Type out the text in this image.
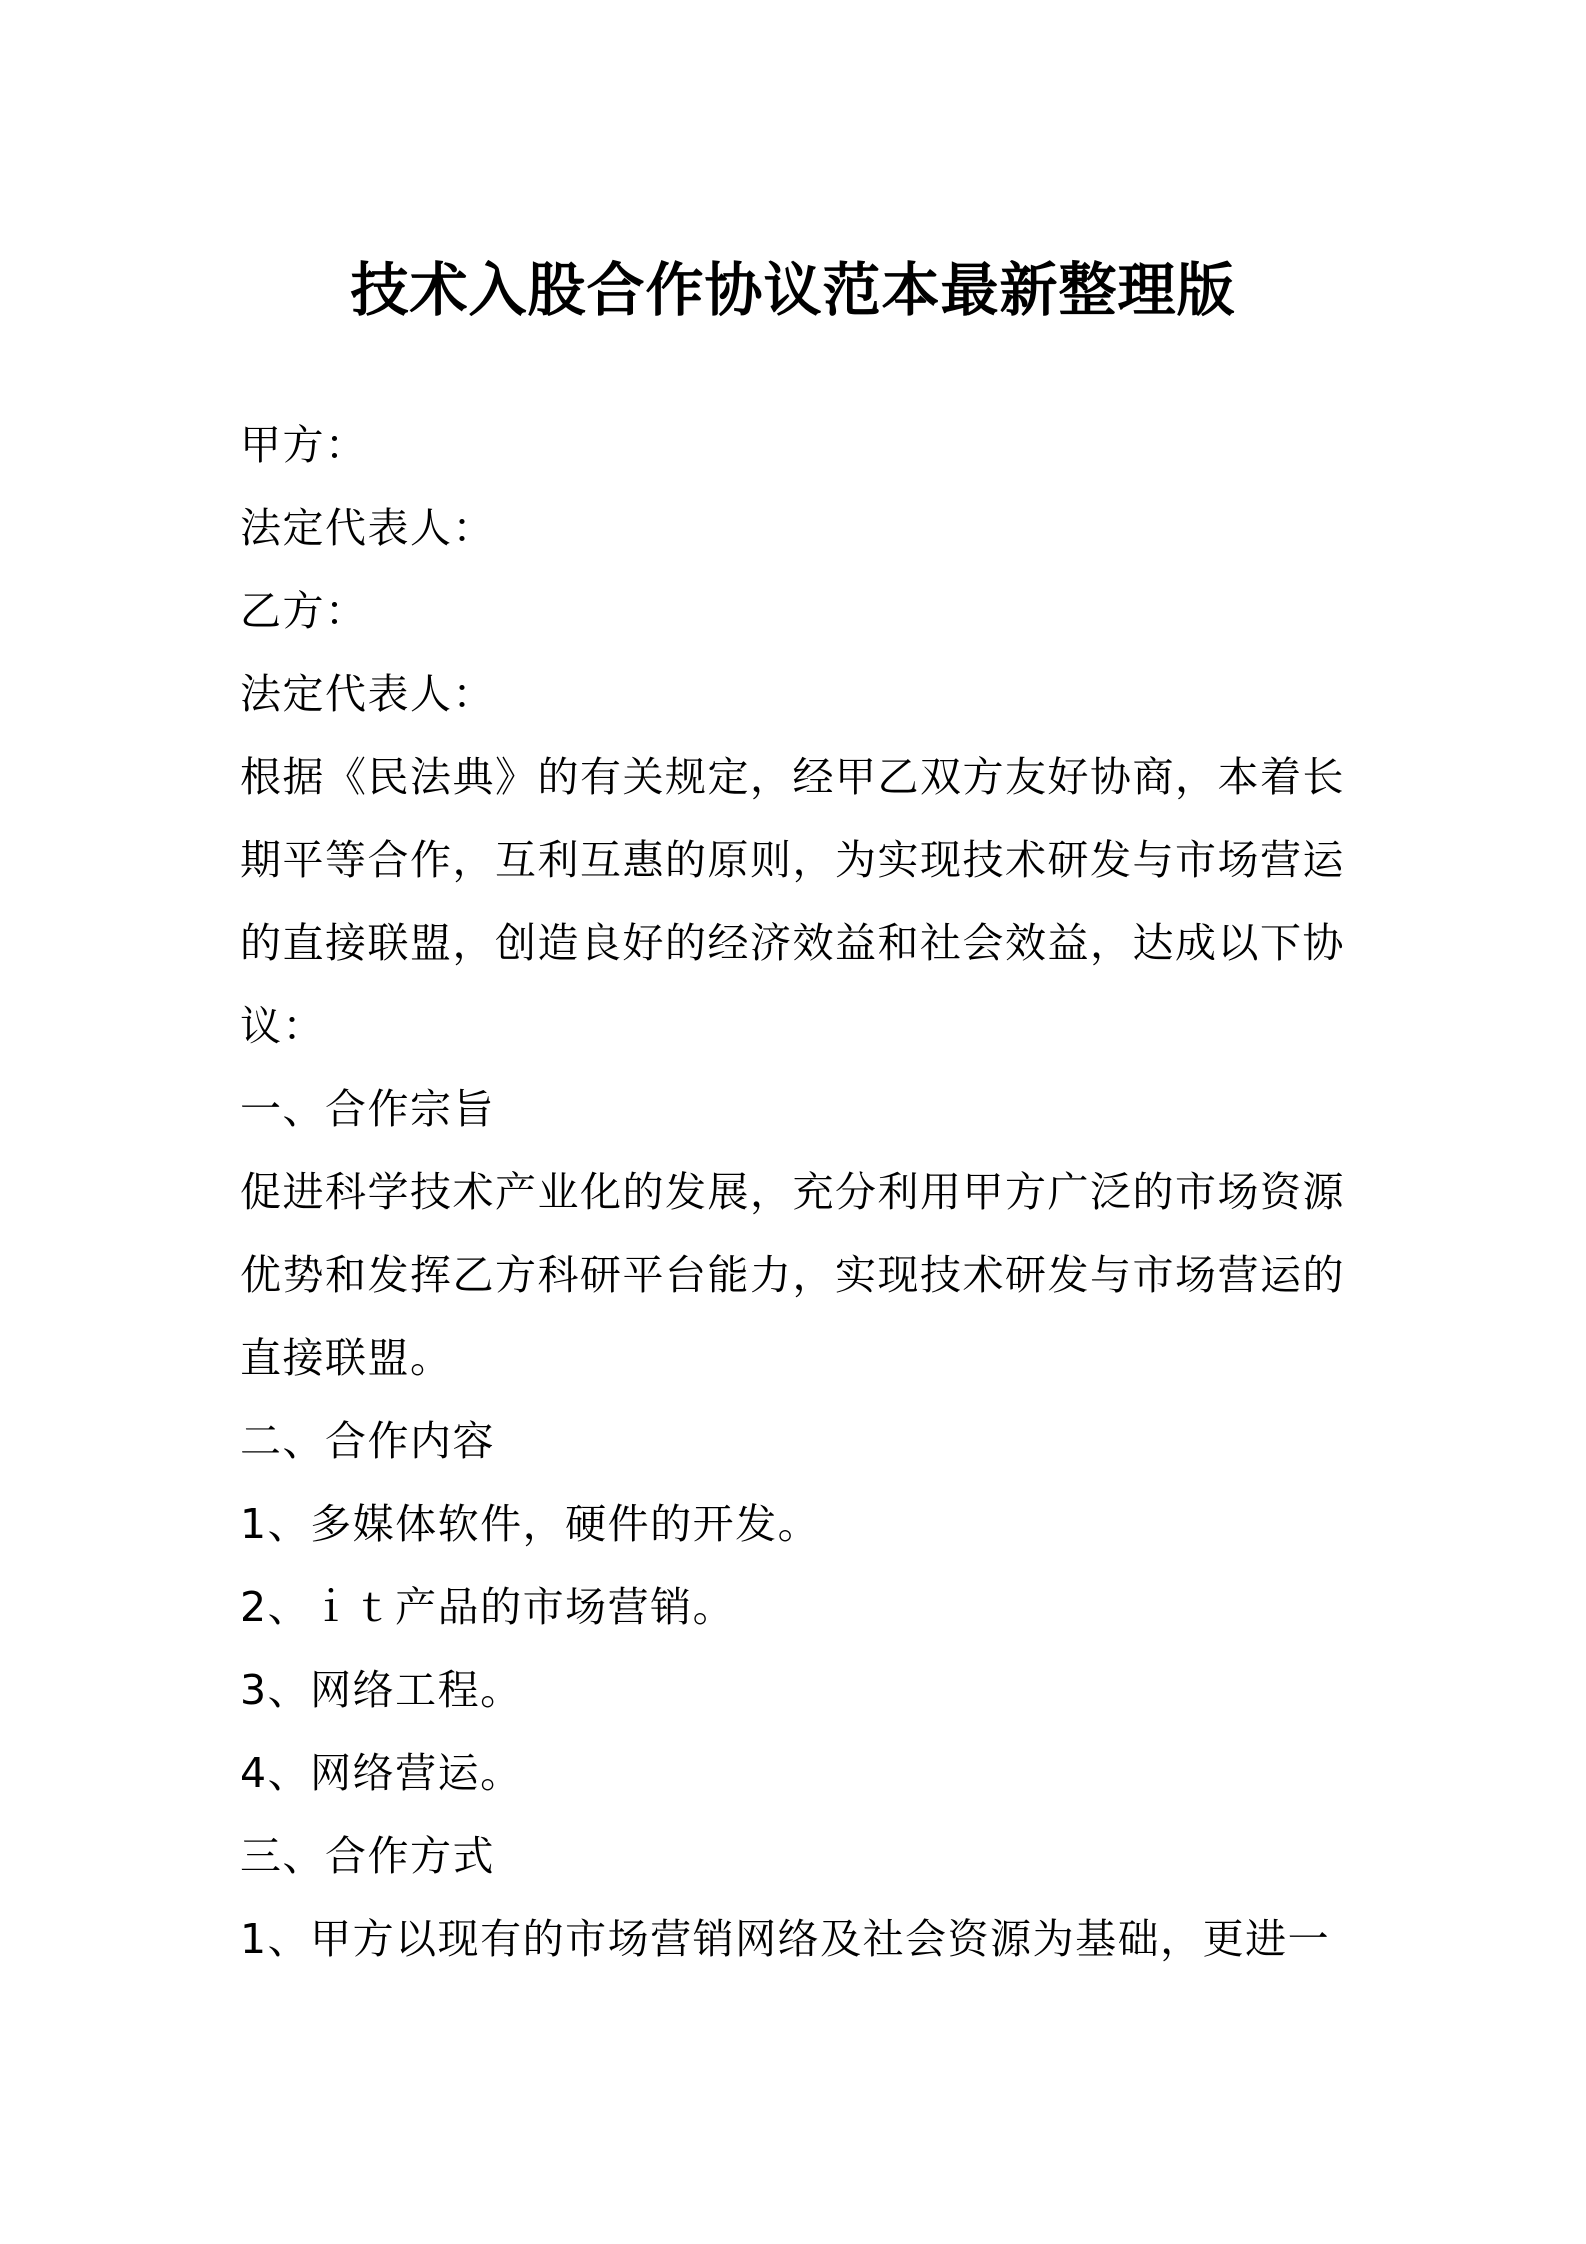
技术入股合作协议范本最新整理版
甲方：
法定代表人：
乙方：
法定代表人：
根据《民法典》的有关规定，经甲乙双方友好协商，本着长
期平等合作，互利互惠的原则，为实现技术研发与市场营运
的直接联盟，创造良好的经济效益和社会效益，达成以下协
议：
一、合作宗旨
促进科学技术产业化的发展，充分利用甲方广泛的市场资源
优势和发挥乙方科研平台能力，实现技术研发与市场营运的
直接联盟。
二、合作内容
1、多媒体软件，硬件的开发。
2、ｉｔ产品的市场营销。
3、网络工程。
4、网络营运。
三、合作方式
1、甲方以现有的市场营销网络及社会资源为基础，更进一
